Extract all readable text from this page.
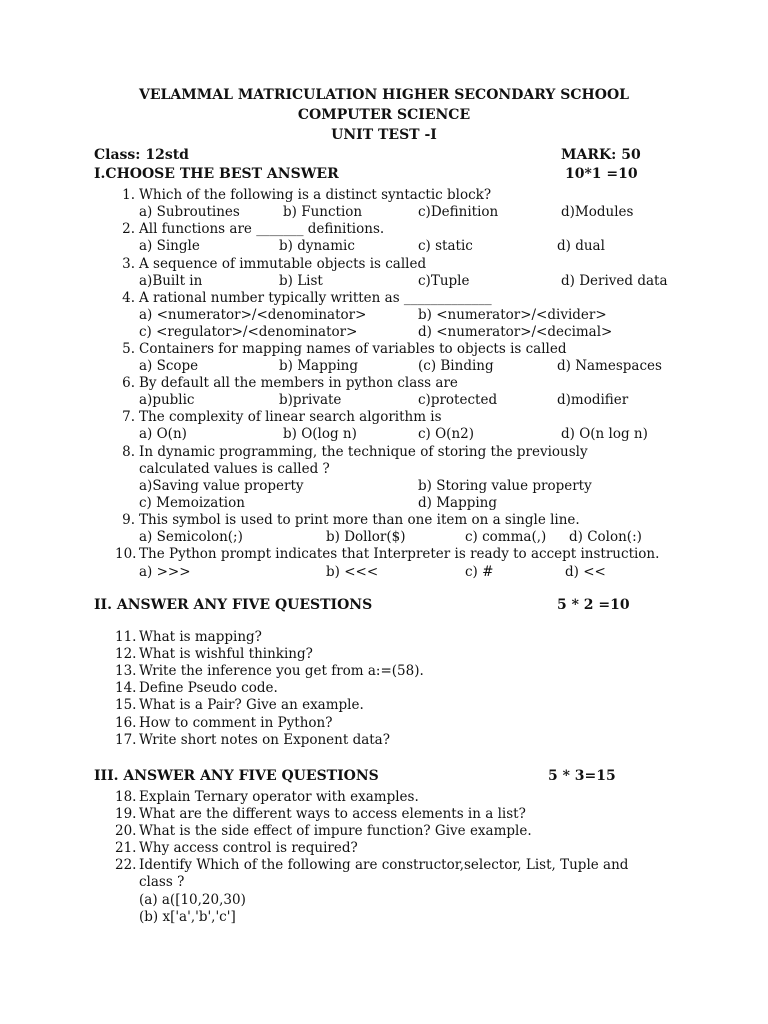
VELAMMAL MATRICULATION HIGHER SECONDARY SCHOOL
COMPUTER SCIENCE
UNIT TEST -I
Class: 12std	MARK: 50
I.CHOOSE THE BEST ANSWER	10*1 =10
1. Which of the following is a distinct syntactic block?
a) Subroutines	b) Function	c)Definition	d)Modules
2. All functions are _______ definitions.
a) Single	b) dynamic	c) static	d) dual
3. A sequence of immutable objects is called
a)Built in	b) List	c)Tuple	d) Derived data
4. A rational number typically written as _____________
a) <numerator>/<denominator>	b) <numerator>/<divider>
c) <regulator>/<denominator>	d) <numerator>/<decimal>
5. Containers for mapping names of variables to objects is called
a) Scope	b) Mapping	(c) Binding	d) Namespaces
6. By default all the members in python class are
a)public	b)private	c)protected	d)modifier
7. The complexity of linear search algorithm is
a) O(n)	b) O(log n)	c) O(n2)	d) O(n log n)
8. In dynamic programming, the technique of storing the previously
calculated values is called ?
a)Saving value property	b) Storing value property
c) Memoization	d) Mapping
9. This symbol is used to print more than one item on a single line.
a) Semicolon(;)	b) Dollor($)	c) comma(,) d) Colon(:)
10. The Python prompt indicates that Interpreter is ready to accept instruction.
a) >>>	b) <<<	c) #	d) <<
II. ANSWER ANY FIVE QUESTIONS	5 * 2 =10
11. What is mapping?
12. What is wishful thinking?
13. Write the inference you get from a:=(58).
14. Define Pseudo code.
15. What is a Pair? Give an example.
16. How to comment in Python?
17. Write short notes on Exponent data?
III. ANSWER ANY FIVE QUESTIONS	5 * 3=15
18. Explain Ternary operator with examples.
19. What are the different ways to access elements in a list?
20. What is the side effect of impure function? Give example.
21. Why access control is required?
22. Identify Which of the following are constructor,selector, List, Tuple and
class ?
(a) a([10,20,30)
(b) x['a','b','c']
